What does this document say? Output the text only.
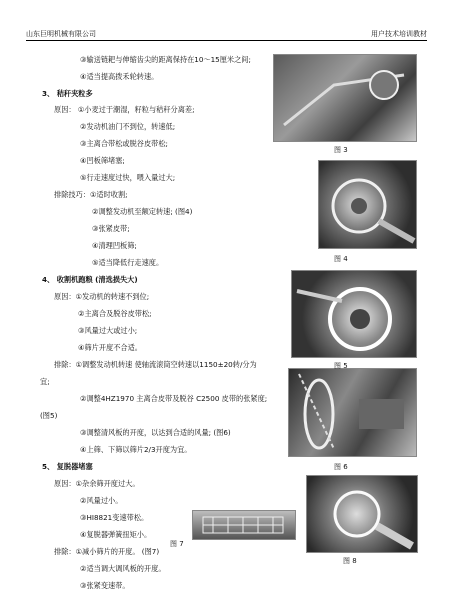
山东巨明机械有限公司	用户技术培训教材
图 3
图 4
图 5
图 6
图 7
图 8
③输送链耙与伸缩齿尖的距离保持在10～15厘米之间;
④适当提高拨禾轮转速。
3、 秸秆夹粒多
原因： ①小麦过于潮湿，籽粒与秸秆分离差;
②发动机油门不到位，转速低;
③主离合带松或脱谷皮带松;
④凹板筛堵塞;
⑤行走速度过快，喂入量过大;
排除技巧：①适时收割;
②调整发动机至额定转速; (图4)
③张紧皮带;
④清理凹板筛;
⑤适当降低行走速度。
4、 收割机跑粮 (清选损失大)
原因：①发动机的转速不到位;
②主离合及脱谷皮带松;
③风量过大或过小;
④筛片开度不合适。
排除：①调整发动机转速 使轴流滚筒空转速以1150±20转/分为
宜;
②调整4HZ1970 主离合皮带及脱谷 C2500 皮带的张紧度;
(图5)
③调整清风板的开度，以达到合适的风量; (图6)
④上筛、下筛以筛片2/3开度为宜。
5、 复脱器堵塞
原因：①杂余筛开度过大。
②风量过小。
③HI8821变速带松。
④复脱器弹簧扭矩小。
排除：①减小筛片的开度。 (图7)
②适当调大调风板的开度。
③张紧变速带。
